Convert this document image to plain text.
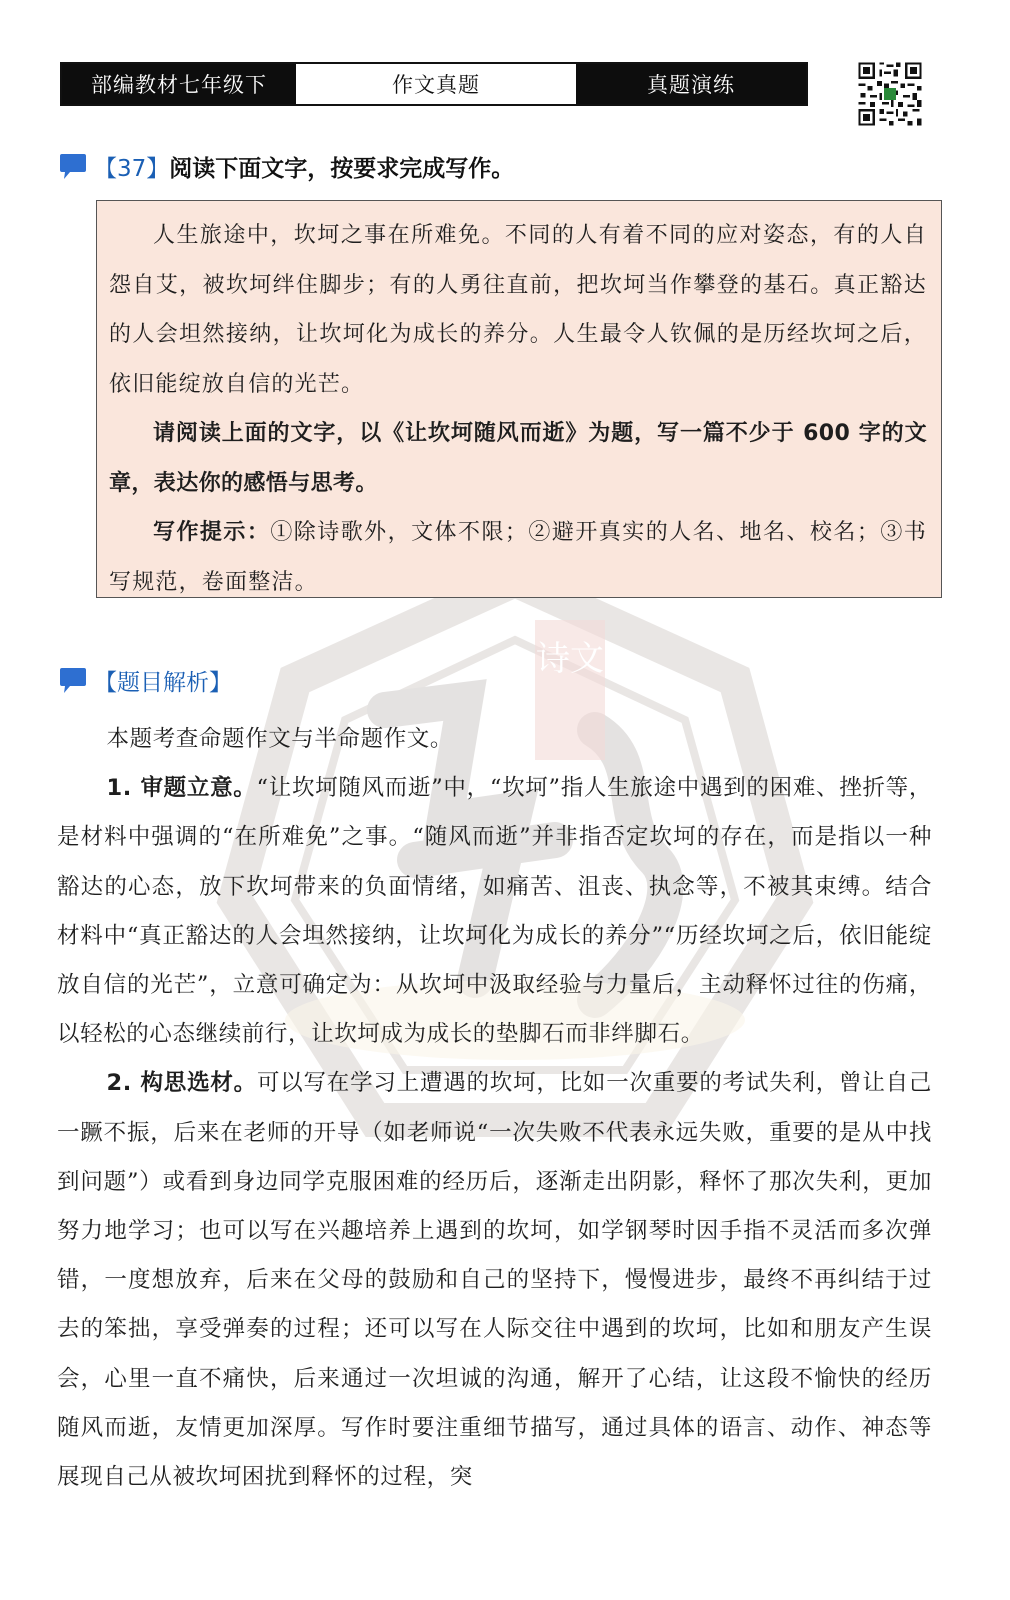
诗文
部编教材七年级下	作文真题	真题演练
【37】 阅读下面文字，按要求完成写作。

人生旅途中，坎坷之事在所难免。不同的人有着不同的应对姿态，有的人自怨自艾，被坎坷绊住脚步；有的人勇往直前，把坎坷当作攀登的基石。真正豁达的人会坦然接纳，让坎坷化为成长的养分。人生最令人钦佩的是历经坎坷之后，依旧能绽放自信的光芒。

请阅读上面的文字，以《让坎坷随风而逝》为题，写一篇不少于 600 字的文章，表达你的感悟与思考。

写作提示：①除诗歌外，文体不限；②避开真实的人名、地名、校名；③书写规范，卷面整洁。

【题目解析】

本题考查命题作文与半命题作文。

1. 审题立意。“让坎坷随风而逝”中，“坎坷”指人生旅途中遇到的困难、挫折等，是材料中强调的“在所难免”之事。“随风而逝”并非指否定坎坷的存在，而是指以一种豁达的心态，放下坎坷带来的负面情绪，如痛苦、沮丧、执念等，不被其束缚。结合材料中“真正豁达的人会坦然接纳，让坎坷化为成长的养分”“历经坎坷之后，依旧能绽放自信的光芒”，立意可确定为：从坎坷中汲取经验与力量后，主动释怀过往的伤痛，以轻松的心态继续前行，让坎坷成为成长的垫脚石而非绊脚石。

2. 构思选材。可以写在学习上遭遇的坎坷，比如一次重要的考试失利，曾让自己一蹶不振，后来在老师的开导（如老师说“一次失败不代表永远失败，重要的是从中找到问题”）或看到身边同学克服困难的经历后，逐渐走出阴影，释怀了那次失利，更加努力地学习；也可以写在兴趣培养上遇到的坎坷，如学钢琴时因手指不灵活而多次弹错，一度想放弃，后来在父母的鼓励和自己的坚持下，慢慢进步，最终不再纠结于过去的笨拙，享受弹奏的过程；还可以写在人际交往中遇到的坎坷，比如和朋友产生误会，心里一直不痛快，后来通过一次坦诚的沟通，解开了心结，让这段不愉快的经历随风而逝，友情更加深厚。写作时要注重细节描写，通过具体的语言、动作、神态等展现自己从被坎坷困扰到释怀的过程，突
